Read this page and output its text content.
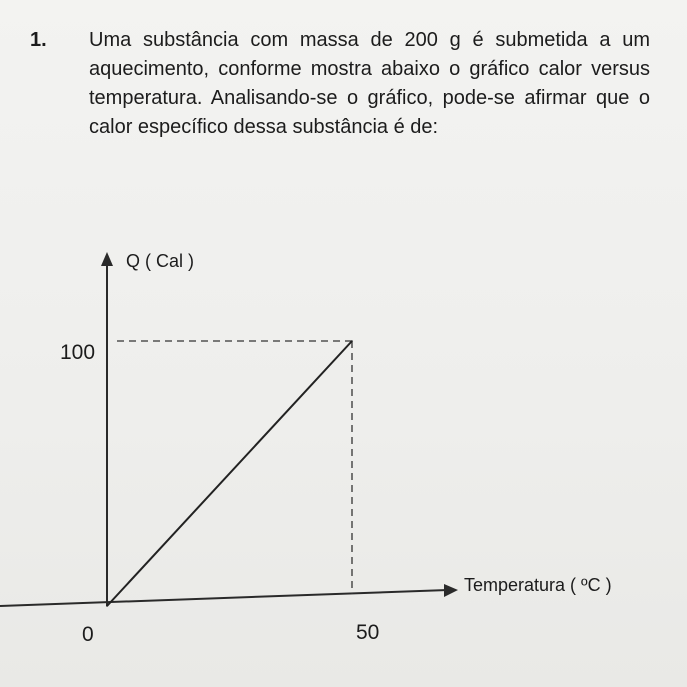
1.	Uma substância com massa de 200 g é submetida a um aquecimento, conforme mostra abaixo o gráfico calor versus temperatura. Analisando-se o gráfico, pode-se afirmar que o calor específico dessa substância é de:
Q ( Cal )
Temperatura ( ºC )
100
0	50
